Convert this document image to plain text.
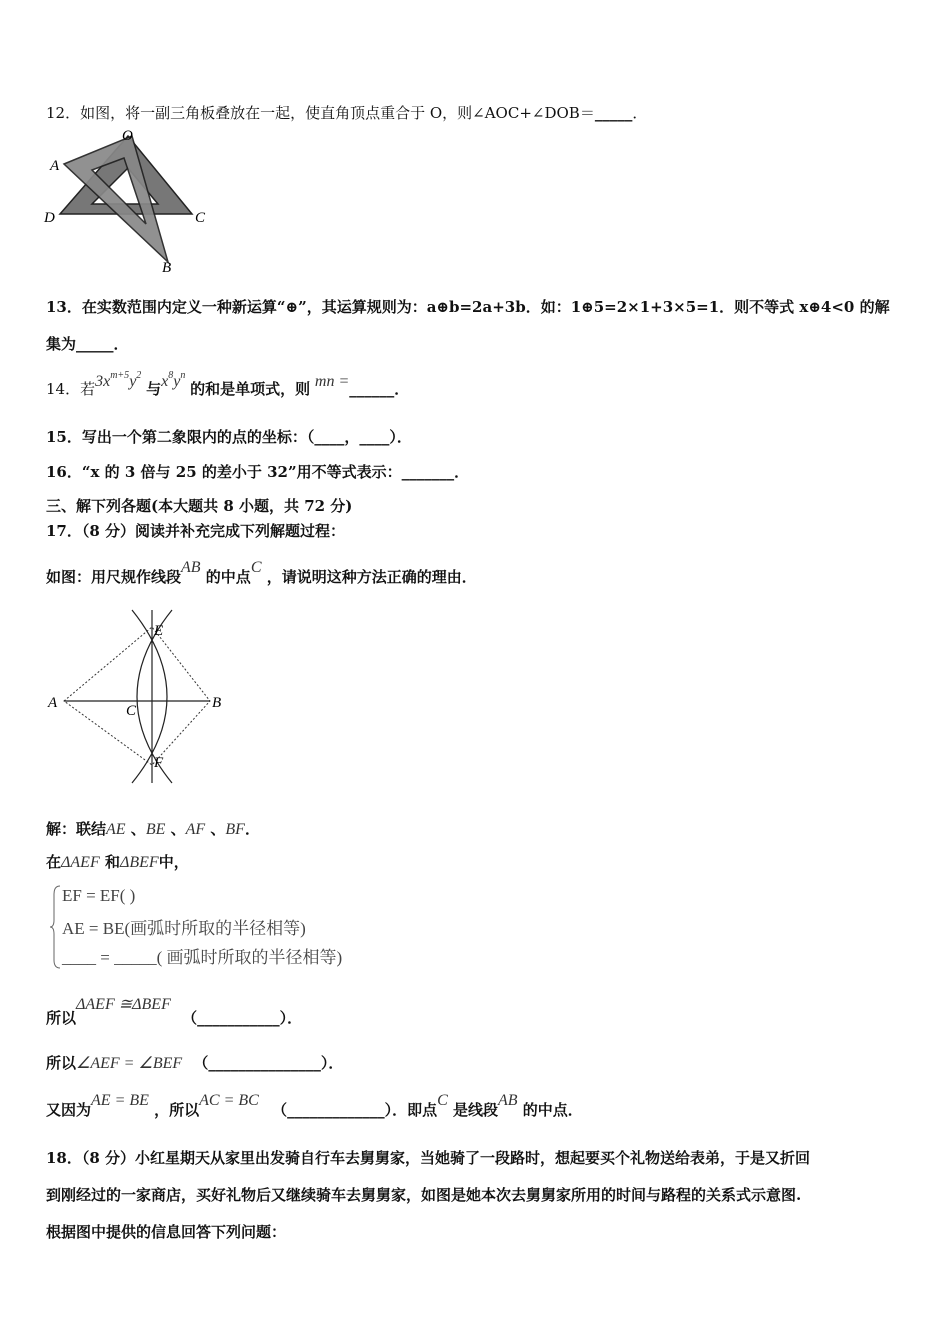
12．如图，将一副三角板叠放在一起，使直角顶点重合于 O，则∠AOC+∠DOB＝_____．
O
A
D	C
B
13．在实数范围内定义一种新运算“⊕”，其运算规则为：a⊕b=2a+3b．如：1⊕5=2×1+3×5=1．则不等式 x⊕4<0 的解
集为_____．
14．若$3x^{m+5}y^2$ 与$x^8y^n$ 的和是单项式，则 mn =______．
15．写出一个第二象限内的点的坐标：（____，____）．
16．“x 的 3 倍与 25 的差小于 32”用不等式表示：_______．
三、解下列各题(本大题共 8 小题，共 72 分)
17．（8 分）阅读并补充完成下列解题过程：
如图：用尺规作线段AB 的中点C ，请说明这种方法正确的理由．
A	B
C
E
F
解：联结AE 、BE 、AF 、BF．
在ΔAEF 和ΔBEF中，
EF = EF( )
AE = BE(画弧时所取的半径相等)
____ = _____( 画弧时所取的半径相等)
所以ΔAEF ≅ΔBEF （___________）．
所以∠AEF = ∠BEF （_______________）．
又因为AE = BE ，所以AC = BC （_____________）．即点C 是线段AB 的中点．
18．（8 分）小红星期天从家里出发骑自行车去舅舅家，当她骑了一段路时，想起要买个礼物送给表弟，于是又折回
到刚经过的一家商店，买好礼物后又继续骑车去舅舅家，如图是她本次去舅舅家所用的时间与路程的关系式示意图.
根据图中提供的信息回答下列问题：
